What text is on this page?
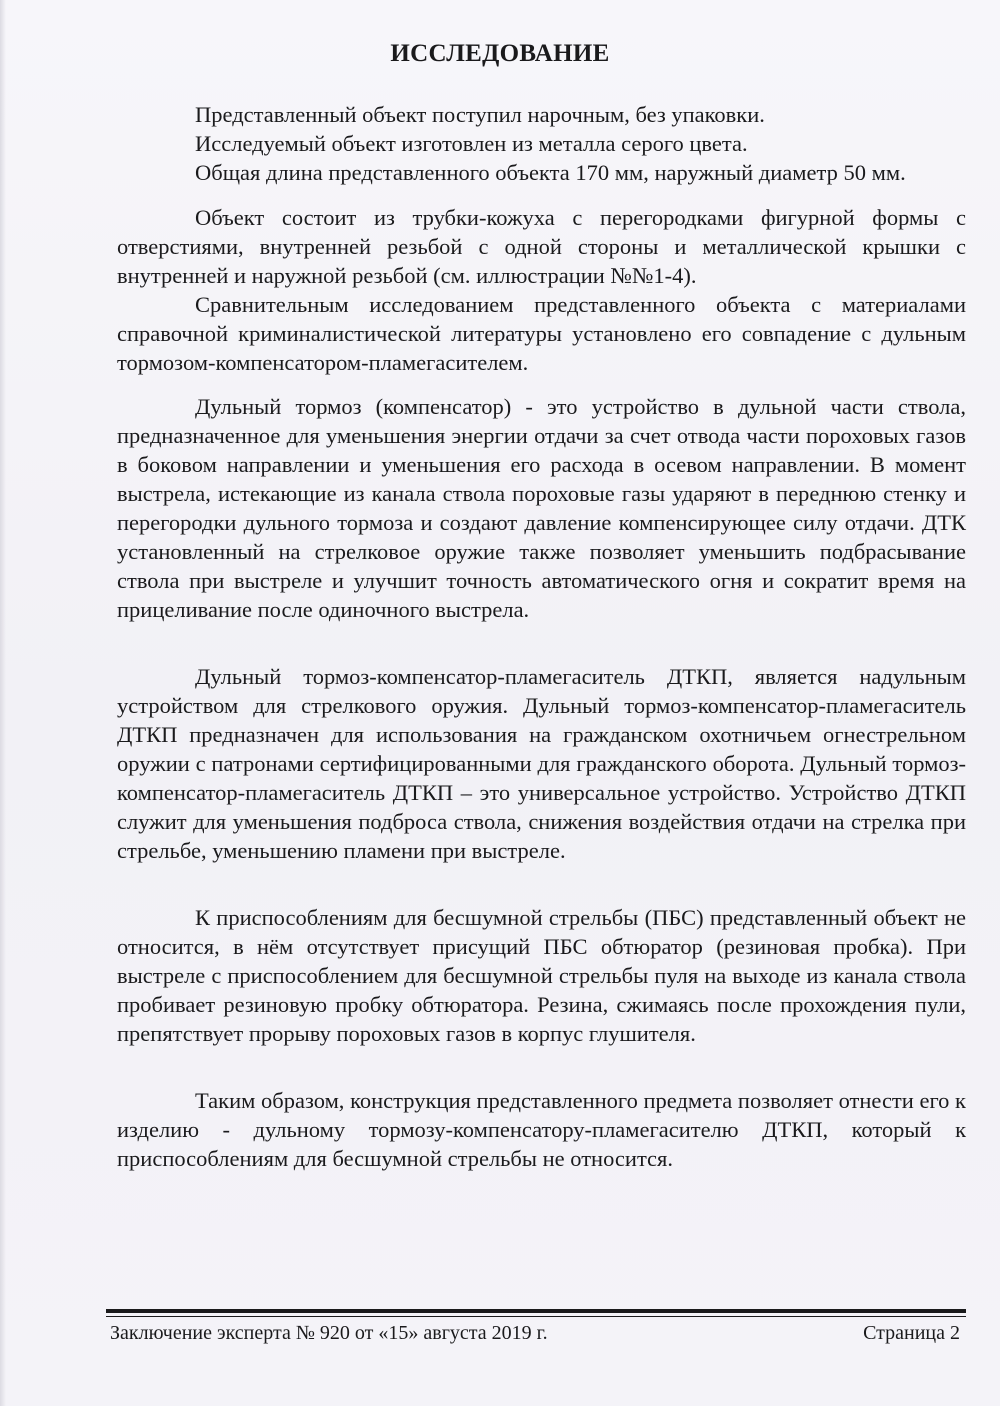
ИССЛЕДОВАНИЕ

Представленный объект поступил нарочным, без упаковки.

Исследуемый объект изготовлен из металла серого цвета.

Общая длина представленного объекта 170 мм, наружный диаметр 50 мм.

Объект состоит из трубки-кожуха с перегородками фигурной формы с отверстиями, внутренней резьбой с одной стороны и металлической крышки с внутренней и наружной резьбой (см. иллюстрации №№1-4).

Сравнительным исследованием представленного объекта с материалами справочной криминалистической литературы установлено его совпадение с дульным тормозом-компенсатором-пламегасителем.

Дульный тормоз (компенсатор) - это устройство в дульной части ствола, предназначенное для уменьшения энергии отдачи за счет отвода части пороховых газов в боковом направлении и уменьшения его расхода в осевом направлении. В момент выстрела, истекающие из канала ствола пороховые газы ударяют в переднюю стенку и перегородки дульного тормоза и создают давление компенсирующее силу отдачи. ДТК установленный на стрелковое оружие также позволяет уменьшить подбрасывание ствола при выстреле и улучшит точность автоматического огня и сократит время на прицеливание после одиночного выстрела.

Дульный тормоз-компенсатор-пламегаситель ДТКП, является надульным устройством для стрелкового оружия. Дульный тормоз-компенсатор-пламегаситель ДТКП предназначен для использования на гражданском охотничьем огнестрельном оружии с патронами сертифицированными для гражданского оборота. Дульный тормоз-компенсатор-пламегаситель ДТКП – это универсальное устройство. Устройство ДТКП служит для уменьшения подброса ствола, снижения воздействия отдачи на стрелка при стрельбе, уменьшению пламени при выстреле.

К приспособлениям для бесшумной стрельбы (ПБС) представленный объект не относится, в нём отсутствует присущий ПБС обтюратор (резиновая пробка). При выстреле с приспособлением для бесшумной стрельбы пуля на выходе из канала ствола пробивает резиновую пробку обтюратора. Резина, сжимаясь после прохождения пули, препятствует прорыву пороховых газов в корпус глушителя.

Таким образом, конструкция представленного предмета позволяет отнести его к изделию - дульному тормозу-компенсатору-пламегасителю ДТКП, который к приспособлениям для бесшумной стрельбы не относится.

Заключение эксперта № 920 от «15» августа 2019 г.	Страница 2
